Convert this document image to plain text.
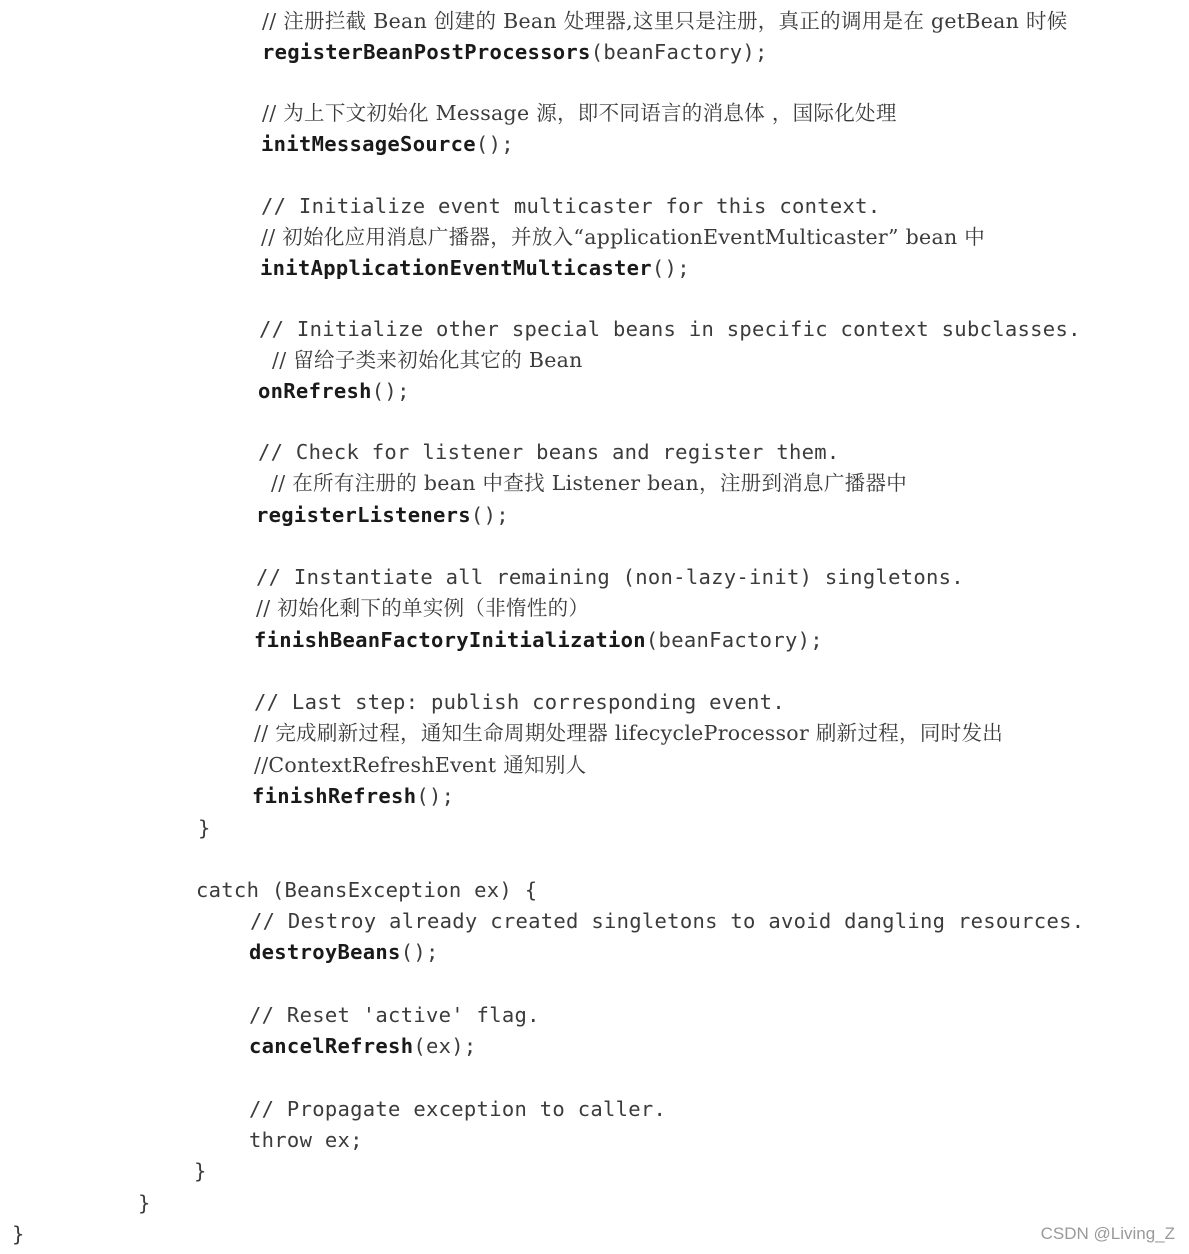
// 注册拦截 Bean 创建的 Bean 处理器,这里只是注册，真正的调用是在 getBean 时候
registerBeanPostProcessors(beanFactory);
// 为上下文初始化 Message 源，即不同语言的消息体 ，国际化处理
initMessageSource();
// Initialize event multicaster for this context.
// 初始化应用消息广播器，并放入“applicationEventMulticaster” bean 中
initApplicationEventMulticaster();
// Initialize other special beans in specific context subclasses.
// 留给子类来初始化其它的 Bean
onRefresh();
// Check for listener beans and register them.
// 在所有注册的 bean 中查找 Listener bean，注册到消息广播器中
registerListeners();
// Instantiate all remaining (non-lazy-init) singletons.
// 初始化剩下的单实例（非惰性的）
finishBeanFactoryInitialization(beanFactory);
// Last step: publish corresponding event.
// 完成刷新过程，通知生命周期处理器 lifecycleProcessor 刷新过程，同时发出
//ContextRefreshEvent 通知别人
finishRefresh();
}
catch (BeansException ex) {
// Destroy already created singletons to avoid dangling resources.
destroyBeans();
// Reset 'active' flag.
cancelRefresh(ex);
// Propagate exception to caller.
throw ex;
}
}
}	CSDN @Living_Z
